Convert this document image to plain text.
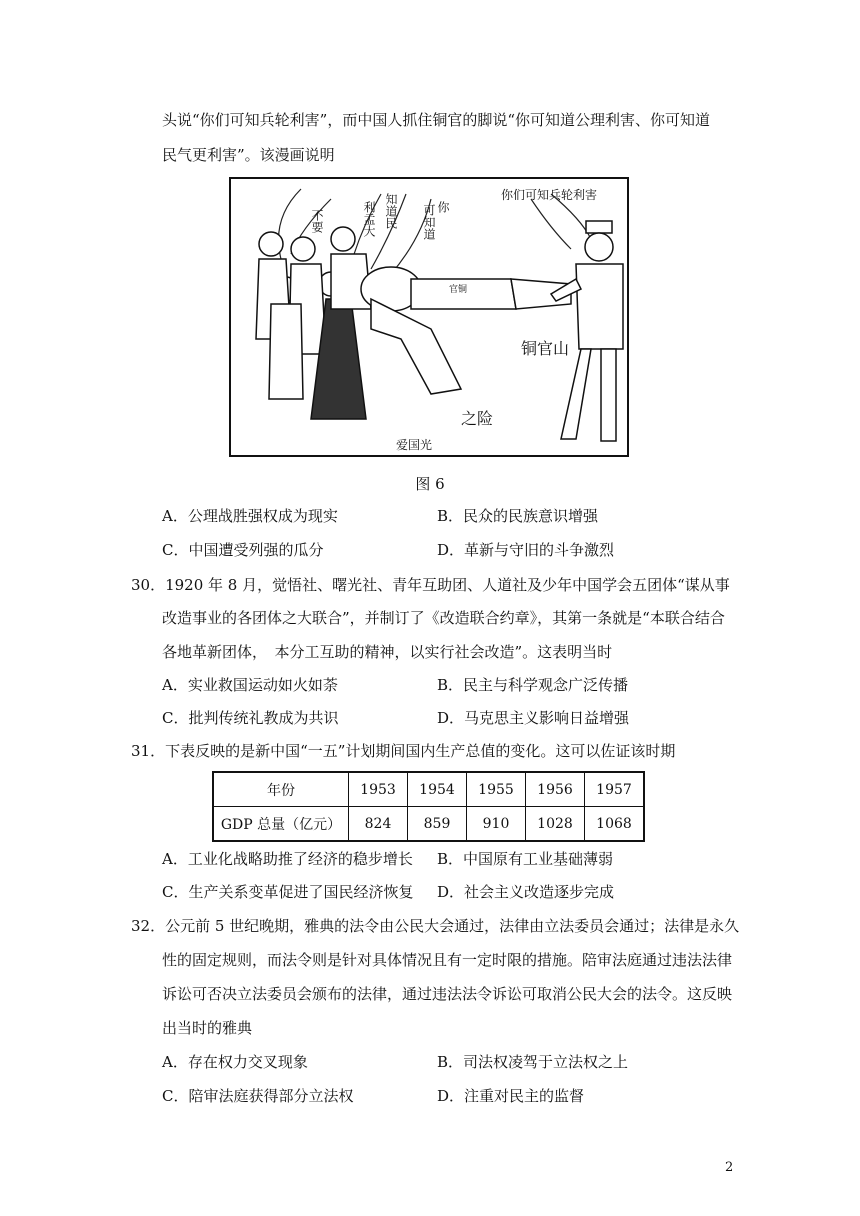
头说“你们可知兵轮利害”，而中国人抓住铜官的脚说“你可知道公理利害、你可知道
民气更利害”。该漫画说明
不要	利孟大 知道民 可知道 你
你们可知兵轮利害
官铜
铜官山
之险
爱国光
图 6
A．公理战胜强权成为现实	B．民众的民族意识增强
C．中国遭受列强的瓜分	D．革新与守旧的斗争激烈
30．1920 年 8 月，觉悟社、曙光社、青年互助团、人道社及少年中国学会五团体“谋从事
改造事业的各团体之大联合”，并制订了《改造联合约章》，其第一条就是“本联合结合
各地革新团体，　本分工互助的精神，以实行社会改造”。这表明当时
A．实业救国运动如火如荼	B．民主与科学观念广泛传播
C．批判传统礼教成为共识	D．马克思主义影响日益增强
31．下表反映的是新中国“一五”计划期间国内生产总值的变化。这可以佐证该时期
年份	1953	1954	1955	1956	1957
GDP 总量（亿元）	824	859	910	1028	1068
A．工业化战略助推了经济的稳步增长 B．中国原有工业基础薄弱
C．生产关系变革促进了国民经济恢复 D．社会主义改造逐步完成
32．公元前 5 世纪晚期，雅典的法令由公民大会通过，法律由立法委员会通过；法律是永久
性的固定规则，而法令则是针对具体情况且有一定时限的措施。陪审法庭通过违法法律
诉讼可否决立法委员会颁布的法律，通过违法法令诉讼可取消公民大会的法令。这反映
出当时的雅典
A．存在权力交叉现象	B．司法权凌驾于立法权之上
C．陪审法庭获得部分立法权	D．注重对民主的监督
2
